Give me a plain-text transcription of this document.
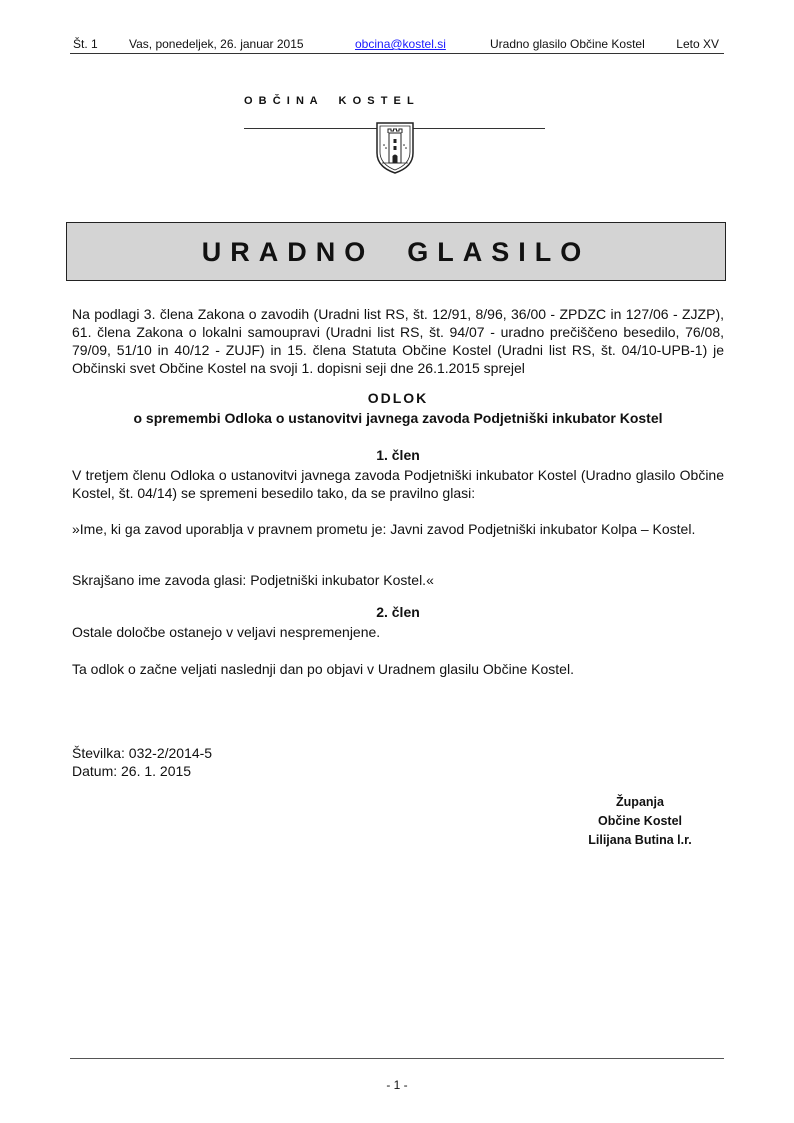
Št. 1	Vas, ponedeljek, 26. januar 2015	obcina@kostel.si	Uradno glasilo Občine Kostel	Leto XV
O  B  Č  I  N  A       K  O  S  T  E  L
URADNO  GLASILO
Na podlagi 3. člena Zakona o zavodih (Uradni list RS, št. 12/91, 8/96, 36/00 - ZPDZC in 127/06 - ZJZP), 61. člena Zakona o lokalni samoupravi (Uradni list RS, št. 94/07 - uradno prečiščeno besedilo, 76/08, 79/09, 51/10 in 40/12 - ZUJF) in 15. člena Statuta Občine Kostel (Uradni list RS, št. 04/10-UPB-1) je Občinski svet Občine Kostel na svoji 1. dopisni seji dne 26.1.2015 sprejel
ODLOK
o spremembi Odloka o ustanovitvi javnega zavoda Podjetniški inkubator Kostel
1. člen
V tretjem členu Odloka o ustanovitvi javnega zavoda Podjetniški inkubator Kostel (Uradno glasilo Občine Kostel, št. 04/14) se spremeni besedilo tako, da se pravilno glasi:
»Ime, ki ga zavod uporablja v pravnem prometu je: Javni zavod Podjetniški inkubator Kolpa – Kostel.
Skrajšano ime zavoda glasi: Podjetniški inkubator Kostel.«
2. člen
Ostale določbe ostanejo v veljavi nespremenjene.
Ta odlok o začne veljati naslednji dan po objavi v Uradnem glasilu Občine Kostel.
Številka: 032-2/2014-5
Datum: 26. 1. 2015
Županja
Občine Kostel
Lilijana Butina l.r.
- 1 -
